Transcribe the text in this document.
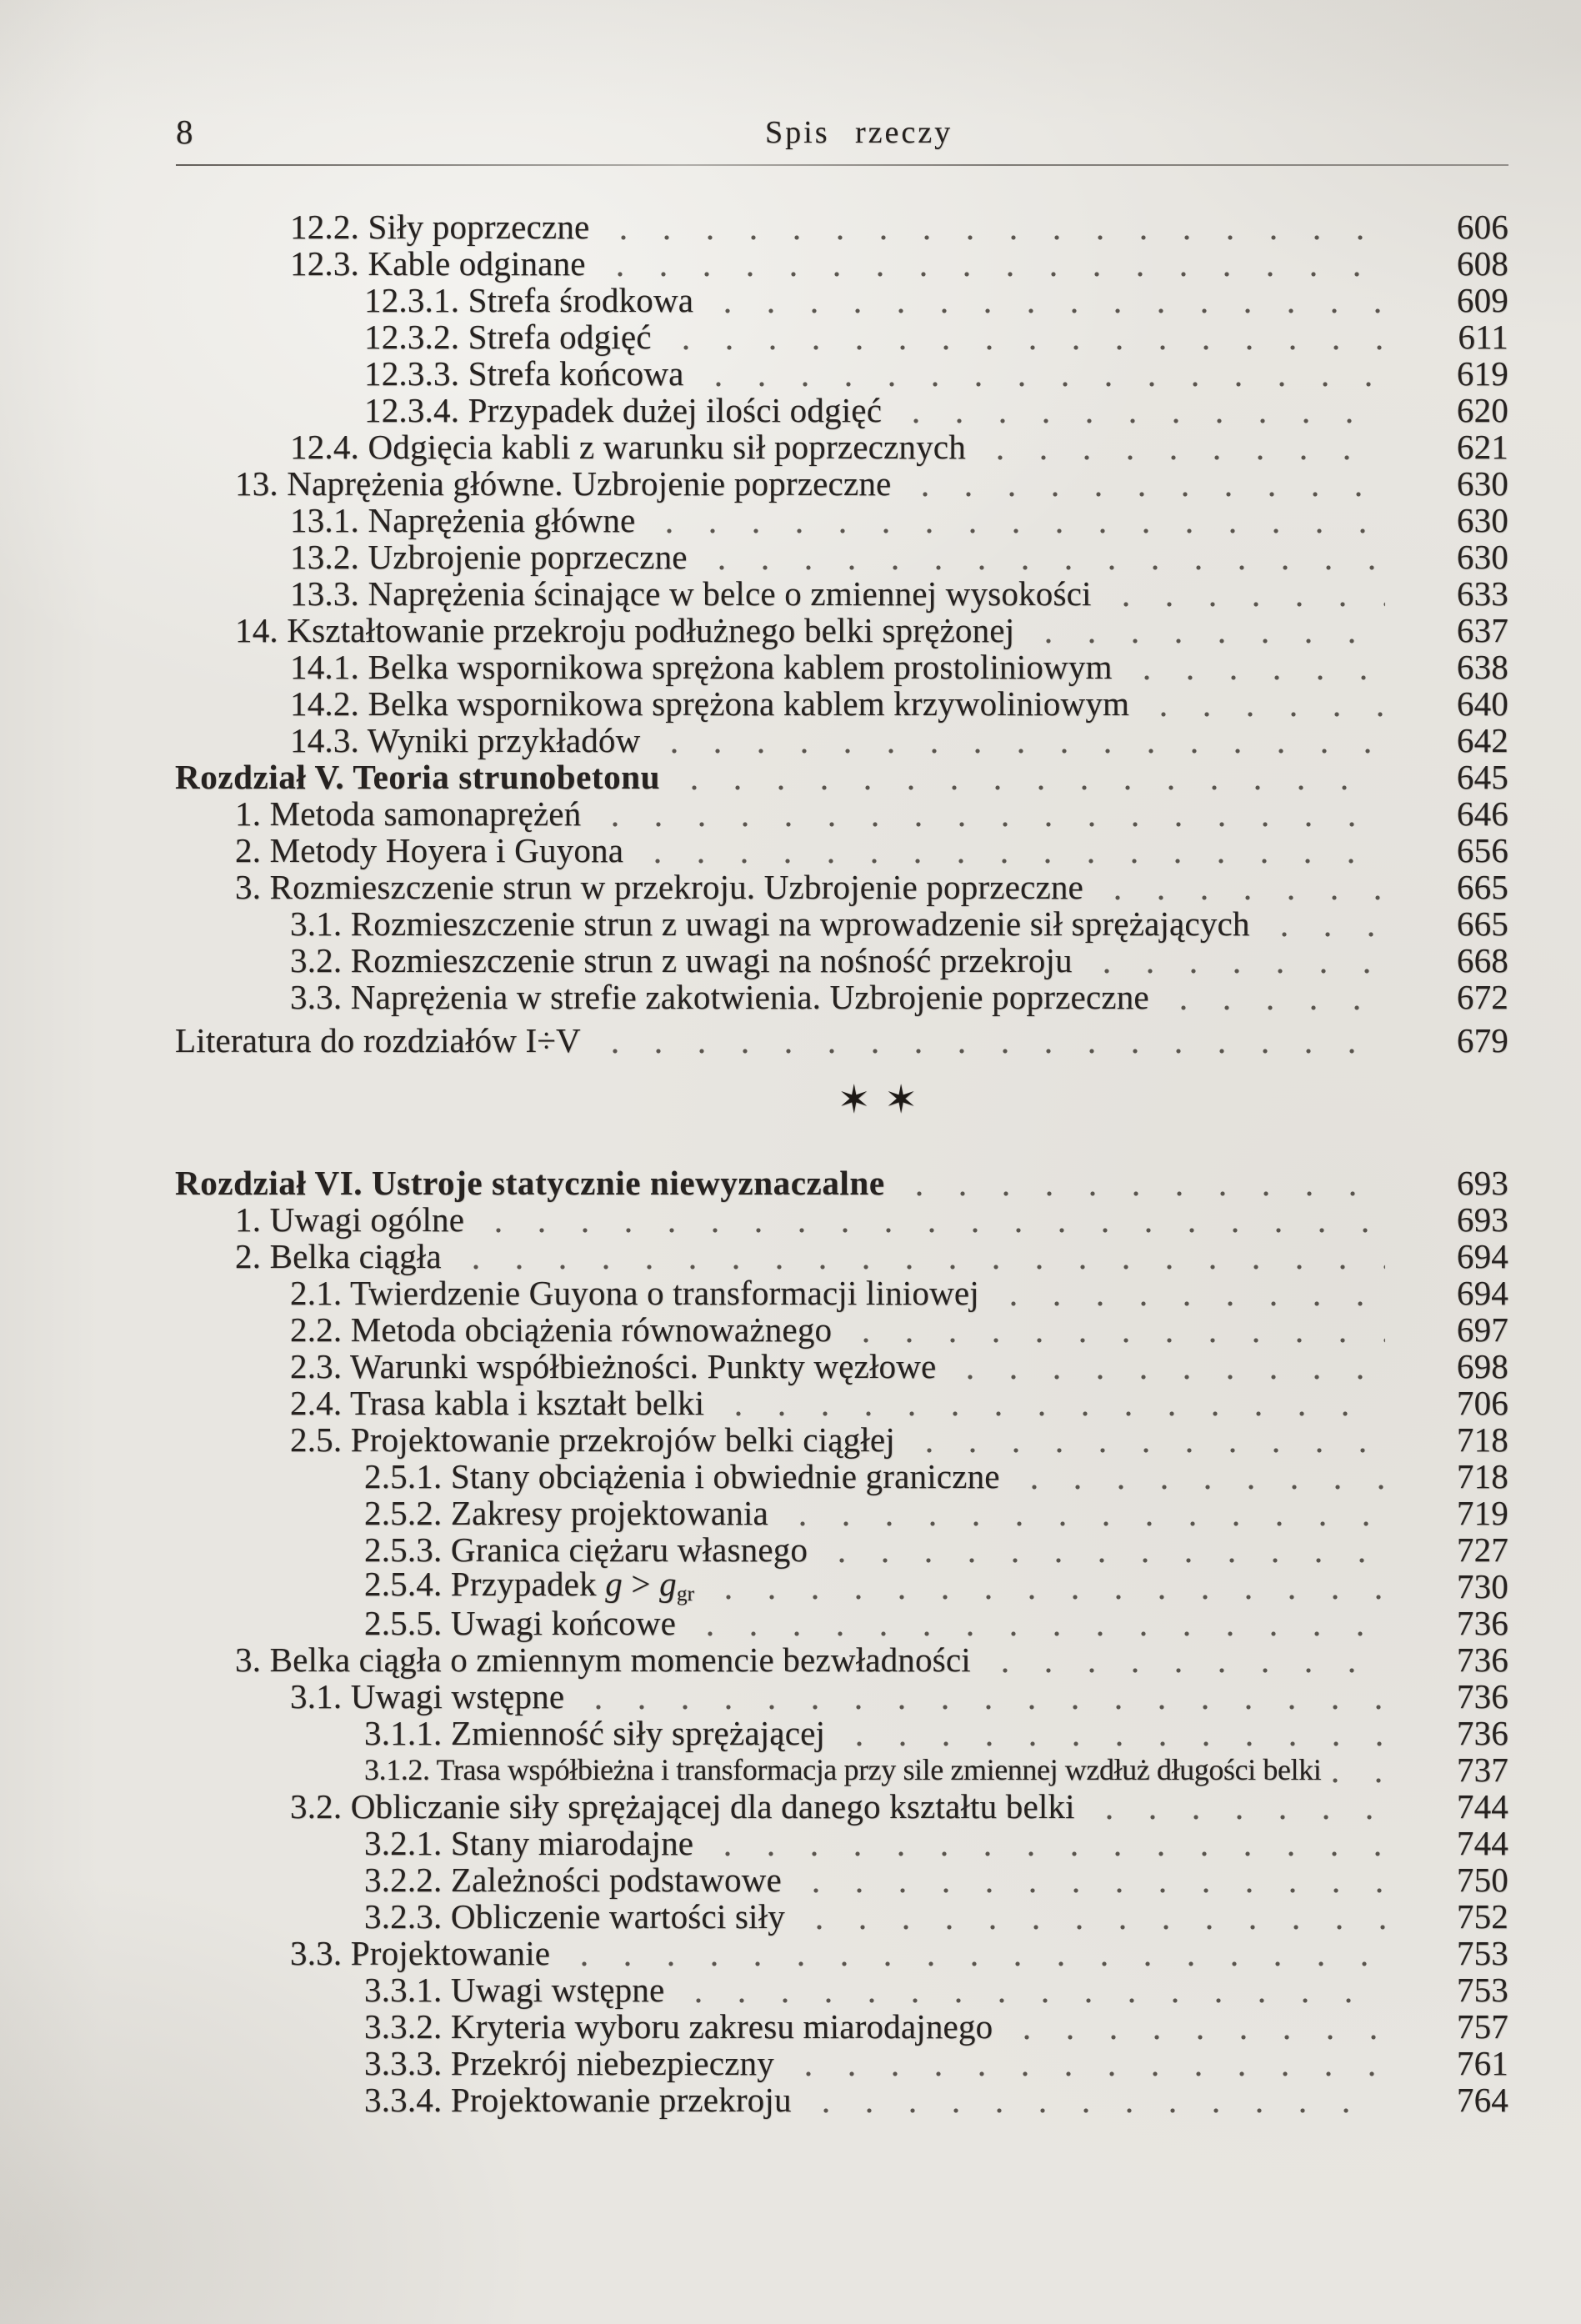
8	Spis rzeczy
12.2. Siły poprzeczne	606
12.3. Kable odginane	608
12.3.1. Strefa środkowa	609
12.3.2. Strefa odgięć	611
12.3.3. Strefa końcowa	619
12.3.4. Przypadek dużej ilości odgięć	620
12.4. Odgięcia kabli z warunku sił poprzecznych	621
13. Naprężenia główne. Uzbrojenie poprzeczne	630
13.1. Naprężenia główne	630
13.2. Uzbrojenie poprzeczne	630
13.3. Naprężenia ścinające w belce o zmiennej wysokości	633
14. Kształtowanie przekroju podłużnego belki sprężonej	637
14.1. Belka wspornikowa sprężona kablem prostoliniowym	638
14.2. Belka wspornikowa sprężona kablem krzywoliniowym	640
14.3. Wyniki przykładów	642
Rozdział V. Teoria strunobetonu	645
1. Metoda samonaprężeń	646
2. Metody Hoyera i Guyona	656
3. Rozmieszczenie strun w przekroju. Uzbrojenie poprzeczne	665
3.1. Rozmieszczenie strun z uwagi na wprowadzenie sił sprężających	665
3.2. Rozmieszczenie strun z uwagi na nośność przekroju	668
3.3. Naprężenia w strefie zakotwienia. Uzbrojenie poprzeczne	672
Literatura do rozdziałów I÷V	679
Rozdział VI. Ustroje statycznie niewyznaczalne	693
1. Uwagi ogólne	693
2. Belka ciągła	694
2.1. Twierdzenie Guyona o transformacji liniowej	694
2.2. Metoda obciążenia równoważnego	697
2.3. Warunki współbieżności. Punkty węzłowe	698
2.4. Trasa kabla i kształt belki	706
2.5. Projektowanie przekrojów belki ciągłej	718
2.5.1. Stany obciążenia i obwiednie graniczne	718
2.5.2. Zakresy projektowania	719
2.5.3. Granica ciężaru własnego	727
2.5.4. Przypadek g > ggr	730
2.5.5. Uwagi końcowe	736
3. Belka ciągła o zmiennym momencie bezwładności	736
3.1. Uwagi wstępne	736
3.1.1. Zmienność siły sprężającej	736
3.1.2. Trasa współbieżna i transformacja przy sile zmiennej wzdłuż długości belki	737
3.2. Obliczanie siły sprężającej dla danego kształtu belki	744
3.2.1. Stany miarodajne	744
3.2.2. Zależności podstawowe	750
3.2.3. Obliczenie wartości siły	752
3.3. Projektowanie	753
3.3.1. Uwagi wstępne	753
3.3.2. Kryteria wyboru zakresu miarodajnego	757
3.3.3. Przekrój niebezpieczny	761
3.3.4. Projektowanie przekroju	764
✶ ✶
